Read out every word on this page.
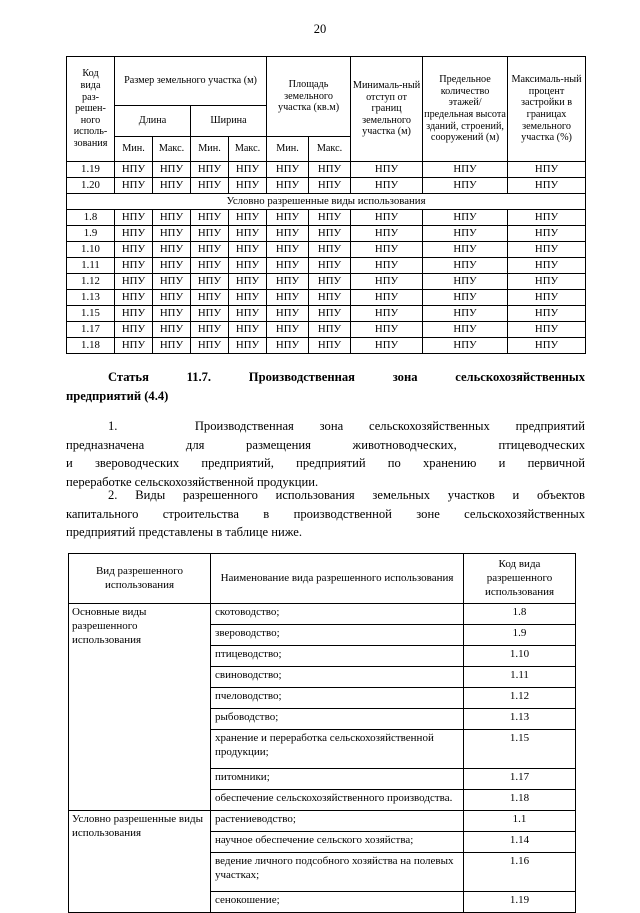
20
Код
вида
раз-
решен-
ного
исполь-
зования	Размер земельного участка (м)	Площадь земельного участка (кв.м)	Минималь-ный отступ от границ земельного участка (м)	Предельное количество этажей/ предельная высота зданий, строений, сооружений (м)	Максималь-ный процент застройки в границах земельного участка (%)
	Длина		Ширина						
	Мин.	Макс.	Мин.	Макс.	Мин.	Макс.			
1.19	НПУ	НПУ	НПУ	НПУ	НПУ	НПУ	НПУ	НПУ	НПУ
1.20	НПУ	НПУ	НПУ	НПУ	НПУ	НПУ	НПУ	НПУ	НПУ
Условно разрешенные виды использования									
1.8	НПУ	НПУ	НПУ	НПУ	НПУ	НПУ	НПУ	НПУ	НПУ
1.9	НПУ	НПУ	НПУ	НПУ	НПУ	НПУ	НПУ	НПУ	НПУ
1.10	НПУ	НПУ	НПУ	НПУ	НПУ	НПУ	НПУ	НПУ	НПУ
1.11	НПУ	НПУ	НПУ	НПУ	НПУ	НПУ	НПУ	НПУ	НПУ
1.12	НПУ	НПУ	НПУ	НПУ	НПУ	НПУ	НПУ	НПУ	НПУ
1.13	НПУ	НПУ	НПУ	НПУ	НПУ	НПУ	НПУ	НПУ	НПУ
1.15	НПУ	НПУ	НПУ	НПУ	НПУ	НПУ	НПУ	НПУ	НПУ
1.17	НПУ	НПУ	НПУ	НПУ	НПУ	НПУ	НПУ	НПУ	НПУ
1.18	НПУ	НПУ	НПУ	НПУ	НПУ	НПУ	НПУ	НПУ	НПУ
Статья 11.7. Производственная зона сельскохозяйственных
предприятий (4.4)
1.	Производственная зона сельскохозяйственных предприятий
предназначена для размещения животноводческих, птицеводческих
и звероводческих предприятий, предприятий по хранению и первичной
переработке сельскохозяйственной продукции.
2. Виды разрешенного использования земельных участков и объектов
капитального строительства в производственной зоне сельскохозяйственных
предприятий представлены в таблице ниже.
Вид разрешенного использования	Наименование вида разрешенного использования	Код вида разрешенного использования
Основные виды разрешенного использования	скотоводство;	1.8
	звероводство;	1.9
	птицеводство;	1.10
	свиноводство;	1.11
	пчеловодство;	1.12
	рыбоводство;	1.13
	хранение и переработка сельскохозяйственной продукции;	1.15
	питомники;	1.17
	обеспечение сельскохозяйственного производства.	1.18
Условно разрешенные виды использования	растениеводство;	1.1
	научное обеспечение сельского хозяйства;	1.14
	ведение личного подсобного хозяйства на полевых участках;	1.16
	сенокошение;	1.19
